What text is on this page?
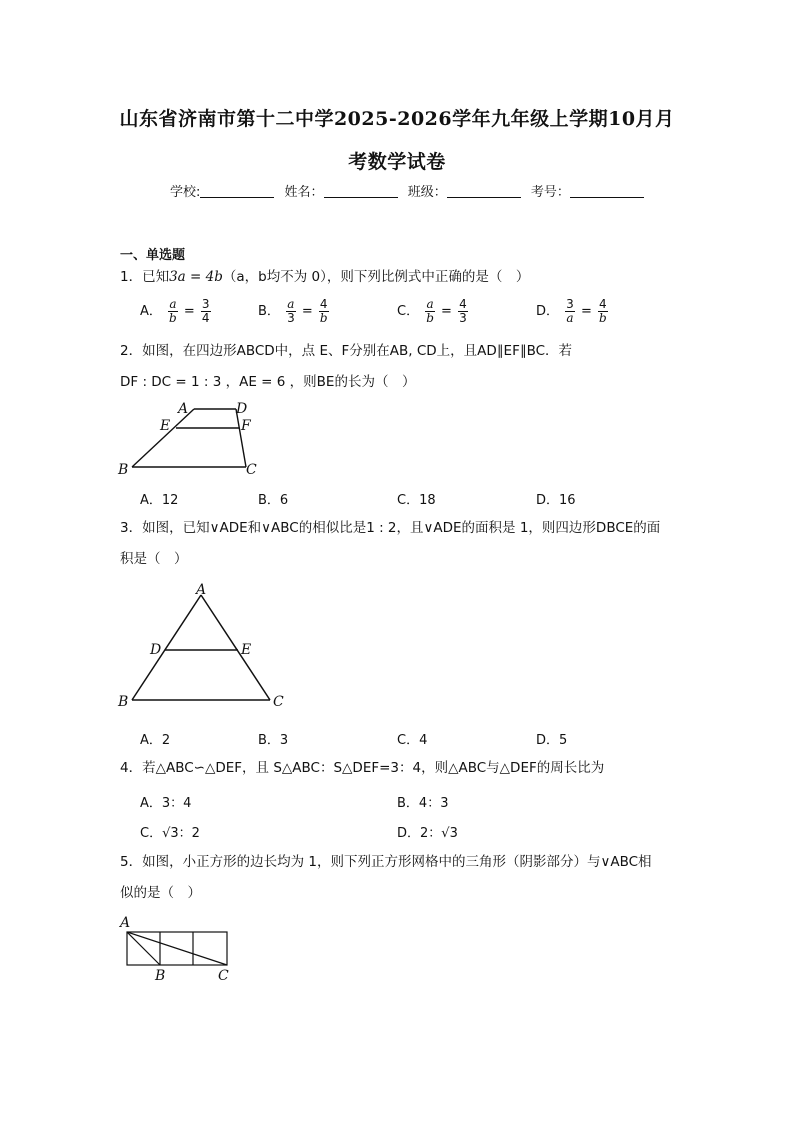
山东省济南市第十二中学2025-2026学年九年级上学期10月月
考数学试卷
学校:	姓名：	班级：	考号：
一、单选题
1．已知3a = 4b（a，b均不为 0），则下列比例式中正确的是（　）
A． $\frac{a}{b} = \frac{3}{4}$	B． $\frac{a}{3} = \frac{4}{b}$	C． $\frac{a}{b} = \frac{4}{3}$	D． $\frac{3}{a} = \frac{4}{b}$
2．如图，在四边形ABCD中，点 E、F分别在AB, CD上，且AD∥EF∥BC．若
DF : DC = 1 : 3 ，AE = 6 ，则BE的长为（　）
A	D
E	F
B	C
A．12	B．6	C．18	D．16
3．如图，已知∨ADE和∨ABC的相似比是1 : 2，且∨ADE的面积是 1，则四边形DBCE的面
积是（　）
A
D	E
B	C
A．2	B．3	C．4	D．5
4．若△ABC∽△DEF，且 S△ABC：S△DEF=3：4，则△ABC与△DEF的周长比为
A．3：4	B．4：3
C．√3：2	D．2：√3
5．如图，小正方形的边长均为 1，则下列正方形网格中的三角形（阴影部分）与∨ABC相
似的是（　）
A
B	C
